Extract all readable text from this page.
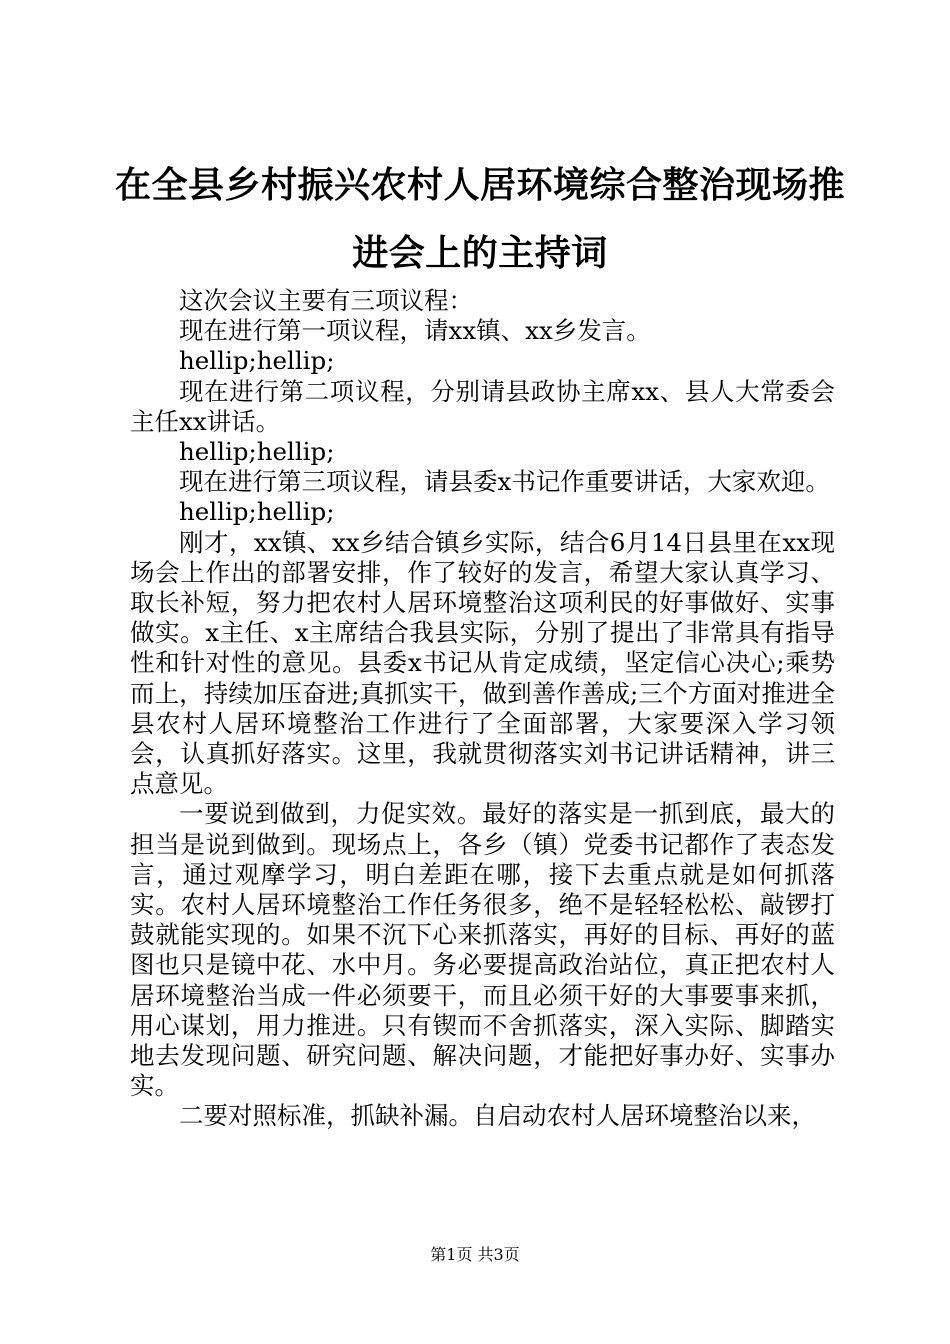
在全县乡村振兴农村人居环境综合整治现场推进会上的主持词

这次会议主要有三项议程：

现在进行第一项议程，请xx镇、xx乡发言。

hellip;hellip;

现在进行第二项议程，分别请县政协主席xx、县人大常委会主任xx讲话。

hellip;hellip;

现在进行第三项议程，请县委x书记作重要讲话，大家欢迎。

hellip;hellip;

刚才，xx镇、xx乡结合镇乡实际，结合6月14日县里在xx现场会上作出的部署安排，作了较好的发言，希望大家认真学习、取长补短，努力把农村人居环境整治这项利民的好事做好、实事做实。x主任、x主席结合我县实际，分别了提出了非常具有指导性和针对性的意见。县委x书记从肯定成绩，坚定信心决心;乘势而上，持续加压奋进;真抓实干，做到善作善成;三个方面对推进全县农村人居环境整治工作进行了全面部署，大家要深入学习领会，认真抓好落实。这里，我就贯彻落实刘书记讲话精神，讲三点意见。

一要说到做到，力促实效。最好的落实是一抓到底，最大的担当是说到做到。现场点上，各乡（镇）党委书记都作了表态发言，通过观摩学习，明白差距在哪，接下去重点就是如何抓落实。农村人居环境整治工作任务很多，绝不是轻轻松松、敲锣打鼓就能实现的。如果不沉下心来抓落实，再好的目标、再好的蓝图也只是镜中花、水中月。务必要提高政治站位，真正把农村人居环境整治当成一件必须要干，而且必须干好的大事要事来抓，用心谋划，用力推进。只有锲而不舍抓落实，深入实际、脚踏实地去发现问题、研究问题、解决问题，才能把好事办好、实事办实。

二要对照标准，抓缺补漏。自启动农村人居环境整治以来，

第1页 共3页
